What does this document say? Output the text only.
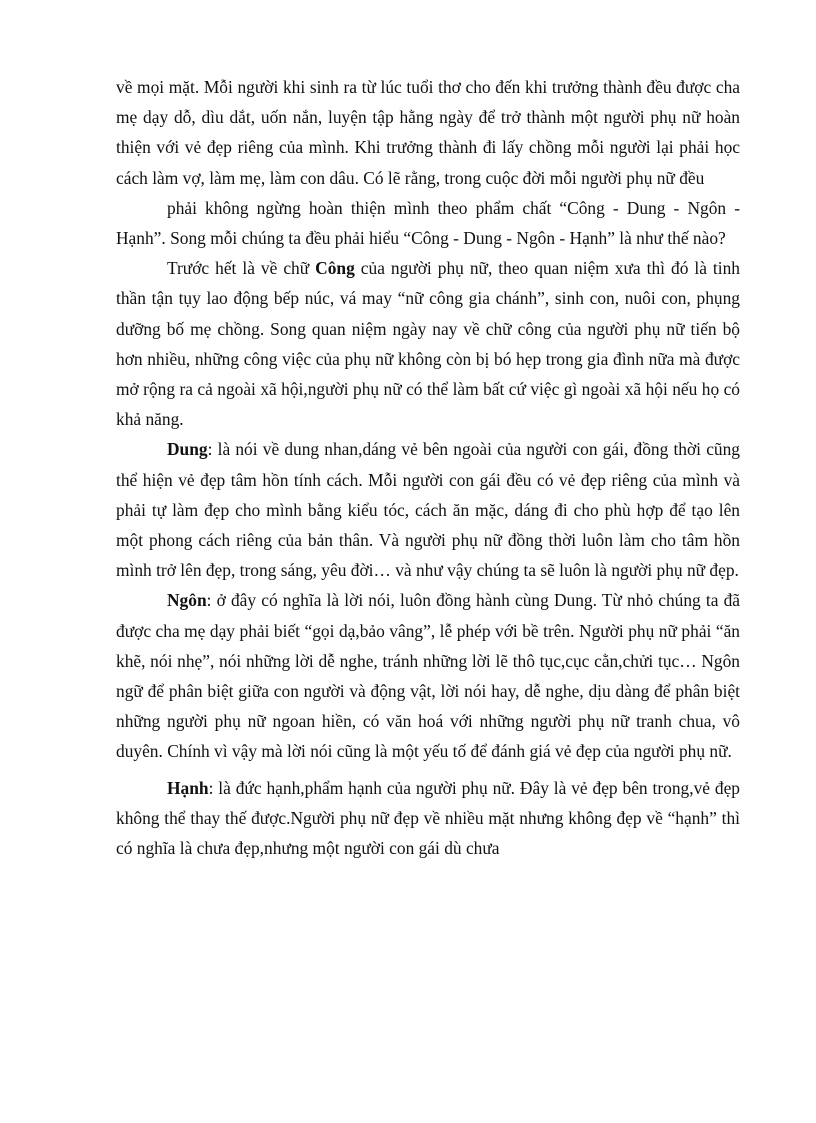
về mọi mặt. Mỗi người khi sinh ra từ lúc tuổi thơ cho đến khi trưởng thành đều được cha mẹ dạy dỗ, dìu dắt, uốn nắn, luyện tập hằng ngày để trở thành một người phụ nữ hoàn thiện với vẻ đẹp riêng của mình. Khi trưởng thành đi lấy chồng mỗi người lại phải học cách làm vợ, làm mẹ, làm con dâu. Có lẽ rằng, trong cuộc đời mỗi người phụ nữ đều

phải không ngừng hoàn thiện mình theo phẩm chất “Công - Dung - Ngôn - Hạnh”. Song mỗi chúng ta đều phải hiểu “Công - Dung - Ngôn - Hạnh” là như thế nào?

Trước hết là về chữ Công của người phụ nữ, theo quan niệm xưa thì đó là tinh thần tận tụy lao động bếp núc, vá may “nữ công gia chánh”, sinh con, nuôi con, phụng dưỡng bố mẹ chồng. Song quan niệm ngày nay về chữ công của người phụ nữ tiến bộ hơn nhiều, những công việc của phụ nữ không còn bị bó hẹp trong gia đình nữa mà được mở rộng ra cả ngoài xã hội,người phụ nữ có thể làm bất cứ việc gì ngoài xã hội nếu họ có khả năng.

Dung: là nói về dung nhan,dáng vẻ bên ngoài của người con gái, đồng thời cũng thể hiện vẻ đẹp tâm hồn tính cách. Mỗi người con gái đều có vẻ đẹp riêng của mình và phải tự làm đẹp cho mình bằng kiểu tóc, cách ăn mặc, dáng đi cho phù hợp để tạo lên một phong cách riêng của bản thân. Và người phụ nữ đồng thời luôn làm cho tâm hồn mình trở lên đẹp, trong sáng, yêu đời… và như vậy chúng ta sẽ luôn là người phụ nữ đẹp.

Ngôn: ở đây có nghĩa là lời nói, luôn đồng hành cùng Dung. Từ nhỏ chúng ta đã được cha mẹ dạy phải biết “gọi dạ,bảo vâng”, lễ phép với bề trên. Người phụ nữ phải “ăn khẽ, nói nhẹ”, nói những lời dễ nghe, tránh những lời lẽ thô tục,cục cằn,chửi tục… Ngôn ngữ để phân biệt giữa con người và động vật, lời nói hay, dễ nghe, dịu dàng để phân biệt những người phụ nữ ngoan hiền, có văn hoá với những người phụ nữ tranh chua, vô duyên. Chính vì vậy mà lời nói cũng là một yếu tố để đánh giá vẻ đẹp của người phụ nữ.

Hạnh: là đức hạnh,phẩm hạnh của người phụ nữ. Đây là vẻ đẹp bên trong,vẻ đẹp không thể thay thế được.Người phụ nữ đẹp về nhiều mặt nhưng không đẹp về “hạnh” thì có nghĩa là chưa đẹp,nhưng một người con gái dù chưa
